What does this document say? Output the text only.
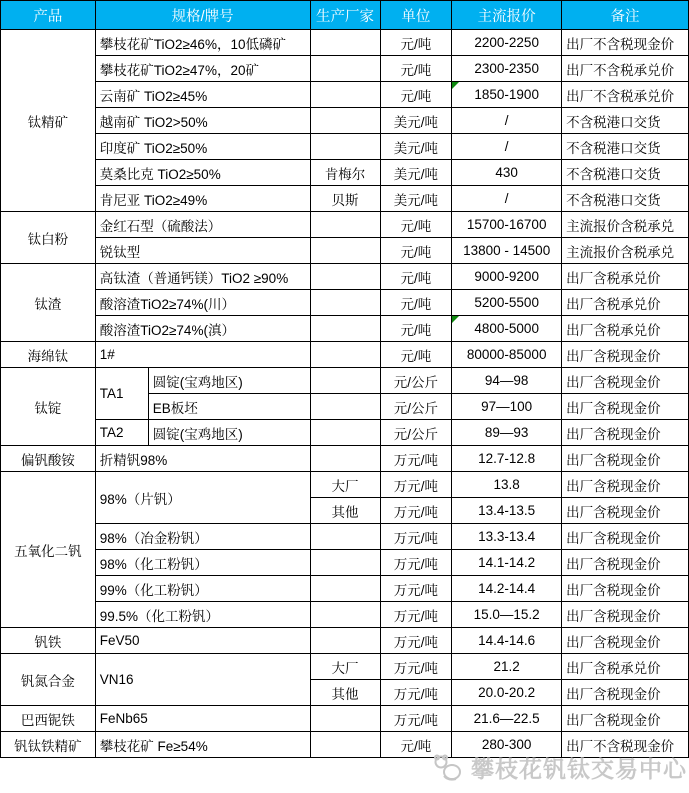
产品	规格/牌号		生产厂家	单位	主流报价	备注
钛精矿	攀枝花矿TiO2≥46%，10低磷矿			元/吨	2200-2250	出厂不含税现金价
	攀枝花矿TiO2≥47%，20矿			元/吨	2300-2350	出厂不含税承兑价
	云南矿 TiO2≥45%			元/吨	1850-1900	出厂不含税承兑价
	越南矿 TiO2>50%			美元/吨	/	不含税港口交货
	印度矿 TiO2≥50%			美元/吨	/	不含税港口交货
	莫桑比克 TiO2≥50%		肯梅尔	美元/吨	430	不含税港口交货
	肯尼亚 TiO2≥49%		贝斯	美元/吨	/	不含税港口交货
钛白粉	金红石型（硫酸法）			元/吨	15700-16700	主流报价含税承兑
	锐钛型			元/吨	13800 - 14500	主流报价含税承兑
钛渣	高钛渣（普通钙镁）TiO2 ≥90%			元/吨	9000-9200	出厂含税承兑价
	酸溶渣TiO2≥74%(川）			元/吨	5200-5500	出厂含税承兑价
	酸溶渣TiO2≥74%(滇）			元/吨	4800-5000	出厂含税承兑价
海绵钛	1#			元/吨	80000-85000	出厂含税现金价
钛锭	TA1	圆锭(宝鸡地区)		元/公斤	94—98	出厂含税现金价
		EB板坯		元/公斤	97—100	出厂含税现金价
	TA2	圆锭(宝鸡地区)		元/公斤	89—93	出厂含税现金价
偏钒酸铵	折精钒98%			万元/吨	12.7-12.8	出厂含税现金价
五氧化二钒	98%（片钒）		大厂	万元/吨	13.8	出厂含税现金价
			其他	万元/吨	13.4-13.5	出厂含税现金价
	98%（冶金粉钒）			万元/吨	13.3-13.4	出厂含税现金价
	98%（化工粉钒）			万元/吨	14.1-14.2	出厂含税现金价
	99%（化工粉钒）			万元/吨	14.2-14.4	出厂含税现金价
	99.5%（化工粉钒）			万元/吨	15.0—15.2	出厂含税现金价
钒铁	FeV50			万元/吨	14.4-14.6	出厂含税现金价
钒氮合金	VN16		大厂	万元/吨	21.2	出厂含税承兑价
			其他	万元/吨	20.0-20.2	出厂含税现金价
巴西铌铁	FeNb65			万元/吨	21.6—22.5	出厂含税现金价
钒钛铁精矿	攀枝花矿 Fe≥54%			元/吨	280-300	出厂不含税现金价
攀枝花钒钛交易中心
